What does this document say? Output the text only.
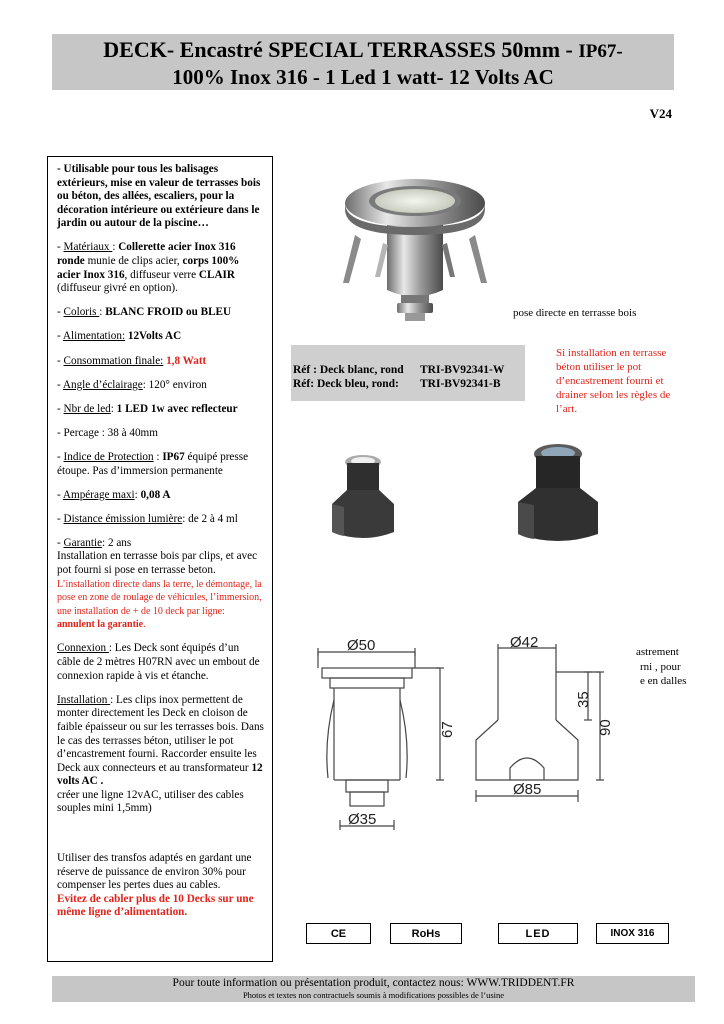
DECK- Encastré SPECIAL TERRASSES 50mm - IP67-
100% Inox 316 - 1 Led 1 watt- 12 Volts AC
V24

- Utilisable pour tous les balisages extérieurs, mise en valeur de terrasses bois ou béton, des allées, escaliers, pour la décoration intérieure ou extérieure dans le jardin ou autour de la piscine…

- Matériaux : Collerette acier Inox 316 ronde munie de clips acier, corps 100% acier Inox 316, diffuseur verre CLAIR (diffuseur givré en option).

- Coloris : BLANC FROID ou BLEU

- Alimentation: 12Volts AC

- Consommation finale: 1,8 Watt

- Angle d’éclairage: 120° environ

- Nbr de led: 1 LED 1w avec reflecteur

- Percage : 38 à 40mm

- Indice de Protection : IP67 équipé presse étoupe. Pas d’immersion permanente

- Ampérage maxi: 0,08 A

- Distance émission lumière: de 2 à 4 ml

- Garantie: 2 ans
Installation en terrasse bois par clips, et avec pot fourni si pose en terrasse beton.
L’installation directe dans la terre, le démontage, la pose en zone de roulage de véhicules, l’immersion, une installation de + de 10 deck par ligne: annulent la garantie.

Connexion : Les Deck sont équipés d’un câble de 2 mètres H07RN avec un embout de connexion rapide à vis et étanche.

Installation : Les clips inox permettent de monter directement les Deck en cloison de faible épaisseur ou sur les terrasses bois. Dans le cas des terrasses béton, utiliser le pot d’encastrement fourni. Raccorder ensuite les Deck aux connecteurs et au transformateur 12 volts AC .
créer une ligne 12vAC, utiliser des cables souples mini 1,5mm)

Utiliser des transfos adaptés en gardant une réserve de puissance de environ 30% pour compenser les pertes dues au cables.
Evitez de cabler plus de 10 Decks sur une même ligne d’alimentation.

pose directe en terrasse bois
Réf : Deck blanc, rond	TRI-BV92341-W
Réf: Deck bleu, rond:	TRI-BV92341-B
Si installation en terrasse béton utiliser le pot d’encastrement fourni et drainer selon les règles de l’art.
astrement
rni , pour
e en dalles
Ø50
Ø35
67
Ø42
Ø85
35
90
CE	RoHs	LED	INOX 316
Pour toute information ou présentation produit, contactez nous: WWW.TRIDDENT.FR
Photos et textes non contractuels soumis à modifications possibles de l’usine
